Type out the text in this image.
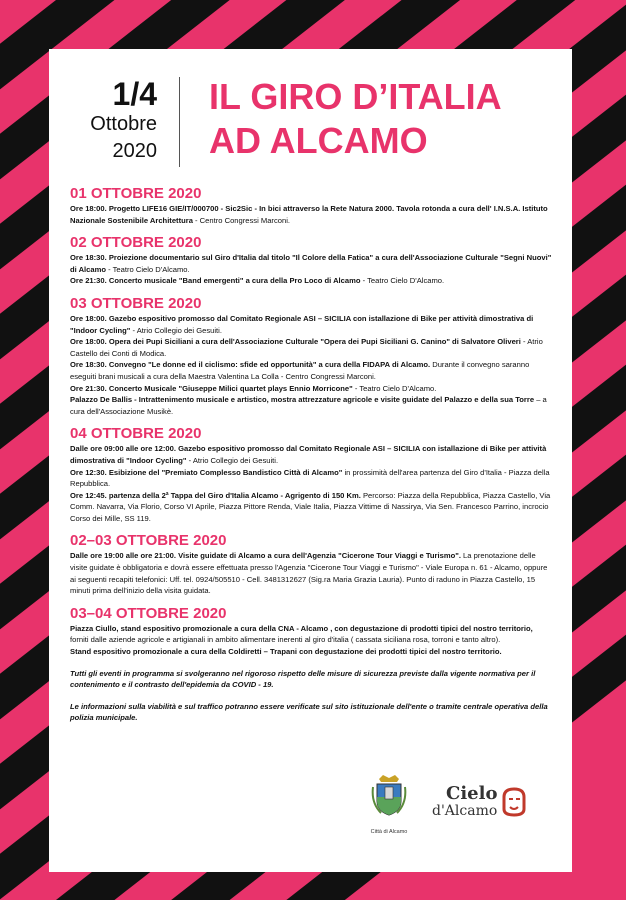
1/4
Ottobre
2020
IL GIRO D’ITALIA
AD ALCAMO
01 OTTOBRE 2020

Ore 18:00. Progetto LIFE16 GIE/IT/000700 - Sic2Sic - In bici attraverso la Rete Natura 2000. Tavola rotonda a cura dell' I.N.S.A. Istituto Nazionale Sostenibile Architettura - Centro Congressi Marconi.

02 OTTOBRE 2020

Ore 18:30. Proiezione documentario sul Giro d'Italia dal titolo "Il Colore della Fatica" a cura dell'Associazione Culturale "Segni Nuovi" di Alcamo - Teatro Cielo D'Alcamo.

Ore 21:30. Concerto musicale "Band emergenti" a cura della Pro Loco di Alcamo - Teatro Cielo D'Alcamo.

03 OTTOBRE 2020

Ore 18:00. Gazebo espositivo promosso dal Comitato Regionale ASI – SICILIA con istallazione di Bike per attività dimostrativa di "Indoor Cycling" - Atrio Collegio dei Gesuiti.

Ore 18:00. Opera dei Pupi Siciliani a cura dell'Associazione Culturale "Opera dei Pupi Siciliani G. Canino" di Salvatore Oliveri - Atrio Castello dei Conti di Modica.

Ore 18:30. Convegno "Le donne ed il ciclismo: sfide ed opportunità" a cura della FIDAPA di Alcamo. Durante il convegno saranno eseguiti brani musicali a cura della Maestra Valentina La Colla - Centro Congressi Marconi.

Ore 21:30. Concerto Musicale "Giuseppe Milici quartet plays Ennio Morricone" - Teatro Cielo D'Alcamo.

Palazzo De Ballis - Intrattenimento musicale e artistico, mostra attrezzature agricole e visite guidate del Palazzo e della sua Torre – a cura dell'Associazione Musikè.

04 OTTOBRE 2020

Dalle ore 09:00 alle ore 12:00. Gazebo espositivo promosso dal Comitato Regionale ASI – SICILIA con istallazione di Bike per attività dimostrativa di "Indoor Cycling" - Atrio Collegio dei Gesuiti.

Ore 12:30. Esibizione del "Premiato Complesso Bandistico Città di Alcamo" in prossimità dell'area partenza del Giro d'Italia - Piazza della Repubblica.

Ore 12:45. partenza della 2ª Tappa del Giro d'Italia Alcamo - Agrigento di 150 Km. Percorso: Piazza della Repubblica, Piazza Castello, Via Comm. Navarra, Via Florio, Corso VI Aprile, Piazza Pittore Renda, Viale Italia, Piazza Vittime di Nassirya, Via Sen. Francesco Parrino, incrocio Corso dei Mille, SS 119.

02–03 OTTOBRE 2020

Dalle ore 19:00 alle ore 21:00. Visite guidate di Alcamo a cura dell'Agenzia "Cicerone Tour Viaggi e Turismo". La prenotazione delle visite guidate è obbligatoria e dovrà essere effettuata presso l'Agenzia "Cicerone Tour Viaggi e Turismo" - Viale Europa n. 61 - Alcamo, oppure ai seguenti recapiti telefonici: Uff. tel. 0924/505510 - Cell. 3481312627 (Sig.ra Maria Grazia Lauria). Punto di raduno in Piazza Castello, 15 minuti prima dell'inizio della visita guidata.

03–04 OTTOBRE 2020

Piazza Ciullo, stand espositivo promozionale a cura della CNA - Alcamo , con degustazione di prodotti tipici del nostro territorio, forniti dalle aziende agricole e artigianali in ambito alimentare inerenti al giro d'italia ( cassata siciliana rosa, torroni e tanto altro).

Stand espositivo promozionale a cura della Coldiretti – Trapani con degustazione dei prodotti tipici del nostro territorio.

Tutti gli eventi in programma si svolgeranno nel rigoroso rispetto delle misure di sicurezza previste dalla vigente normativa per il contenimento e il contrasto dell'epidemia da COVID - 19.

Le informazioni sulla viabilità e sul traffico potranno essere verificate sul sito istituzionale dell'ente o tramite centrale operativa della polizia municipale.

Città di Alcamo
Cielo
d'Alcamo
